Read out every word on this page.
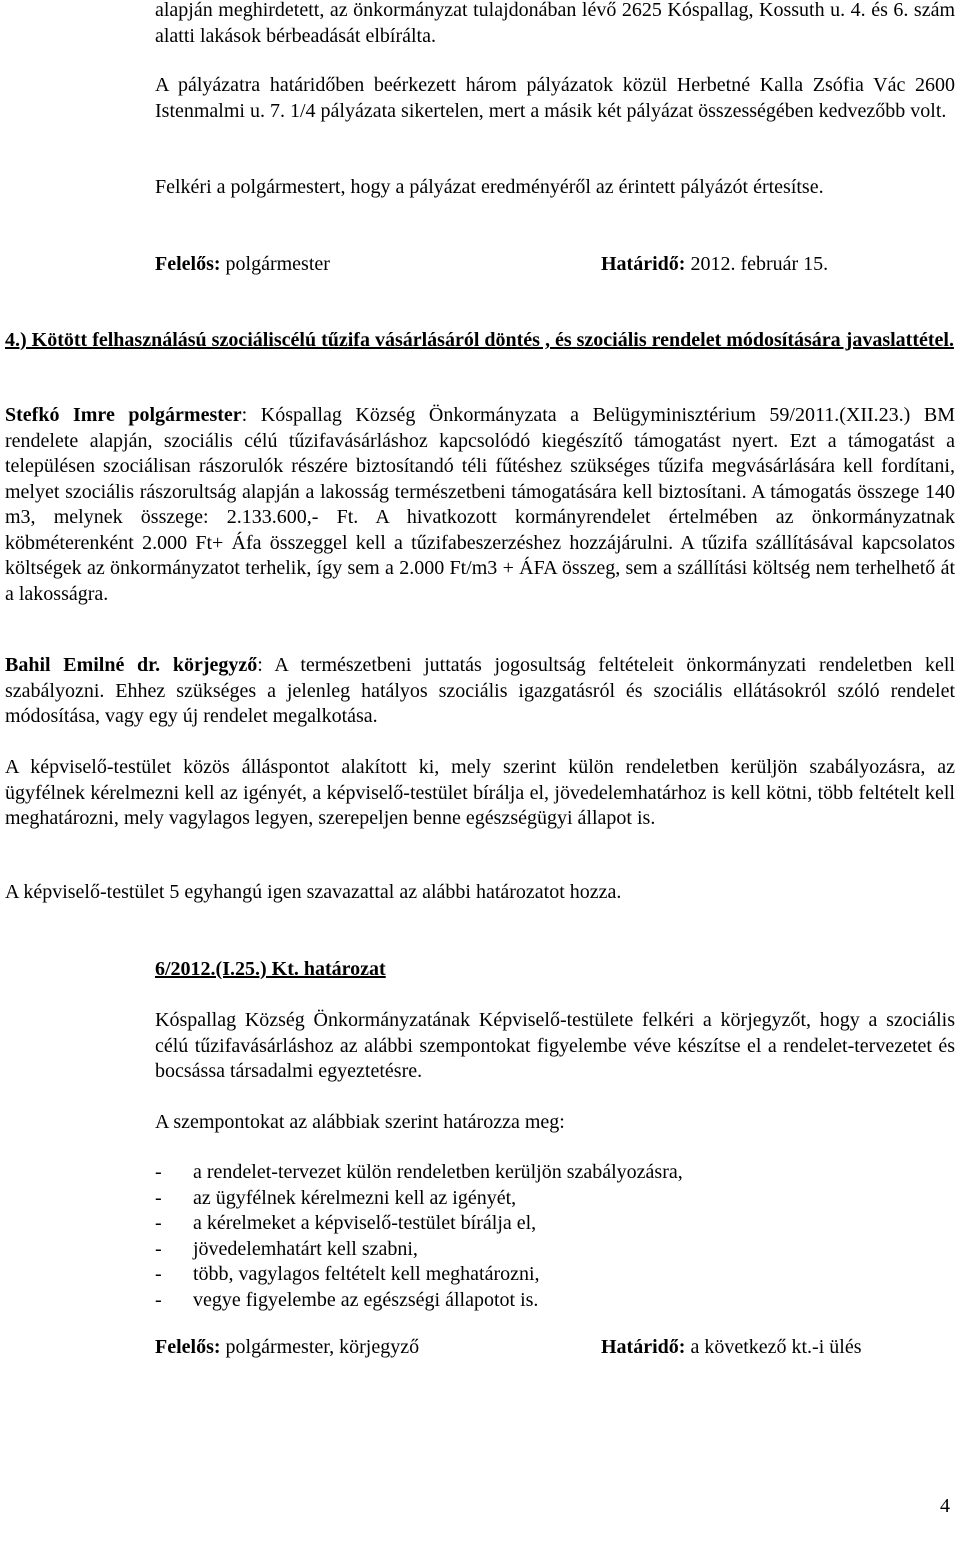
alapján meghirdetett, az önkormányzat tulajdonában lévő 2625 Kóspallag, Kossuth u. 4. és 6. szám alatti lakások bérbeadását elbírálta.

A pályázatra határidőben beérkezett három pályázatok közül Herbetné Kalla Zsófia Vác 2600 Istenmalmi u. 7. 1/4 pályázata sikertelen, mert a másik két pályázat összességében kedvezőbb volt.

Felkéri a polgármestert, hogy a pályázat eredményéről az érintett pályázót értesítse.

Felelős: polgármester	Határidő: 2012. február 15.

4.) Kötött felhasználású szociáliscélú tűzifa vásárlásáról döntés , és szociális rendelet módosítására javaslattétel.

Stefkó Imre polgármester: Kóspallag Község Önkormányzata a Belügyminisztérium 59/2011.(XII.23.) BM rendelete alapján, szociális célú tűzifavásárláshoz kapcsolódó kiegészítő támogatást nyert. Ezt a támogatást a településen szociálisan rászorulók részére biztosítandó téli fűtéshez szükséges tűzifa megvásárlására kell fordítani, melyet szociális rászorultság alapján a lakosság természetbeni támogatására kell biztosítani. A támogatás összege 140 m3, melynek összege: 2.133.600,- Ft. A hivatkozott kormányrendelet értelmében az önkormányzatnak köbméterenként 2.000 Ft+ Áfa összeggel kell a tűzifabeszerzéshez hozzájárulni. A tűzifa szállításával kapcsolatos költségek az önkormányzatot terhelik, így sem a 2.000 Ft/m3 + ÁFA összeg, sem a szállítási költség nem terhelhető át a lakosságra.

Bahil Emilné dr. körjegyző: A természetbeni juttatás jogosultság feltételeit önkormányzati rendeletben kell szabályozni. Ehhez szükséges a jelenleg hatályos szociális igazgatásról és szociális ellátásokról szóló rendelet módosítása, vagy egy új rendelet megalkotása.

A képviselő-testület közös álláspontot alakított ki, mely szerint külön rendeletben kerüljön szabályozásra, az ügyfélnek kérelmezni kell az igényét, a képviselő-testület bírálja el, jövedelemhatárhoz is kell kötni, több feltételt kell meghatározni, mely vagylagos legyen, szerepeljen benne egészségügyi állapot is.

A képviselő-testület 5 egyhangú igen szavazattal az alábbi határozatot hozza.

6/2012.(I.25.) Kt. határozat

Kóspallag Község Önkormányzatának Képviselő-testülete felkéri a körjegyzőt, hogy a szociális célú tűzifavásárláshoz az alábbi szempontokat figyelembe véve készítse el a rendelet-tervezetet és bocsássa társadalmi egyeztetésre.

A szempontokat az alábbiak szerint határozza meg:

-	a rendelet-tervezet külön rendeletben kerüljön szabályozásra,
-	az ügyfélnek kérelmezni kell az igényét,
-	a kérelmeket a képviselő-testület bírálja el,
-	jövedelemhatárt kell szabni,
-	több, vagylagos feltételt kell meghatározni,
-	vegye figyelembe az egészségi állapotot is.

Felelős: polgármester, körjegyző	Határidő: a következő kt.-i ülés

4
